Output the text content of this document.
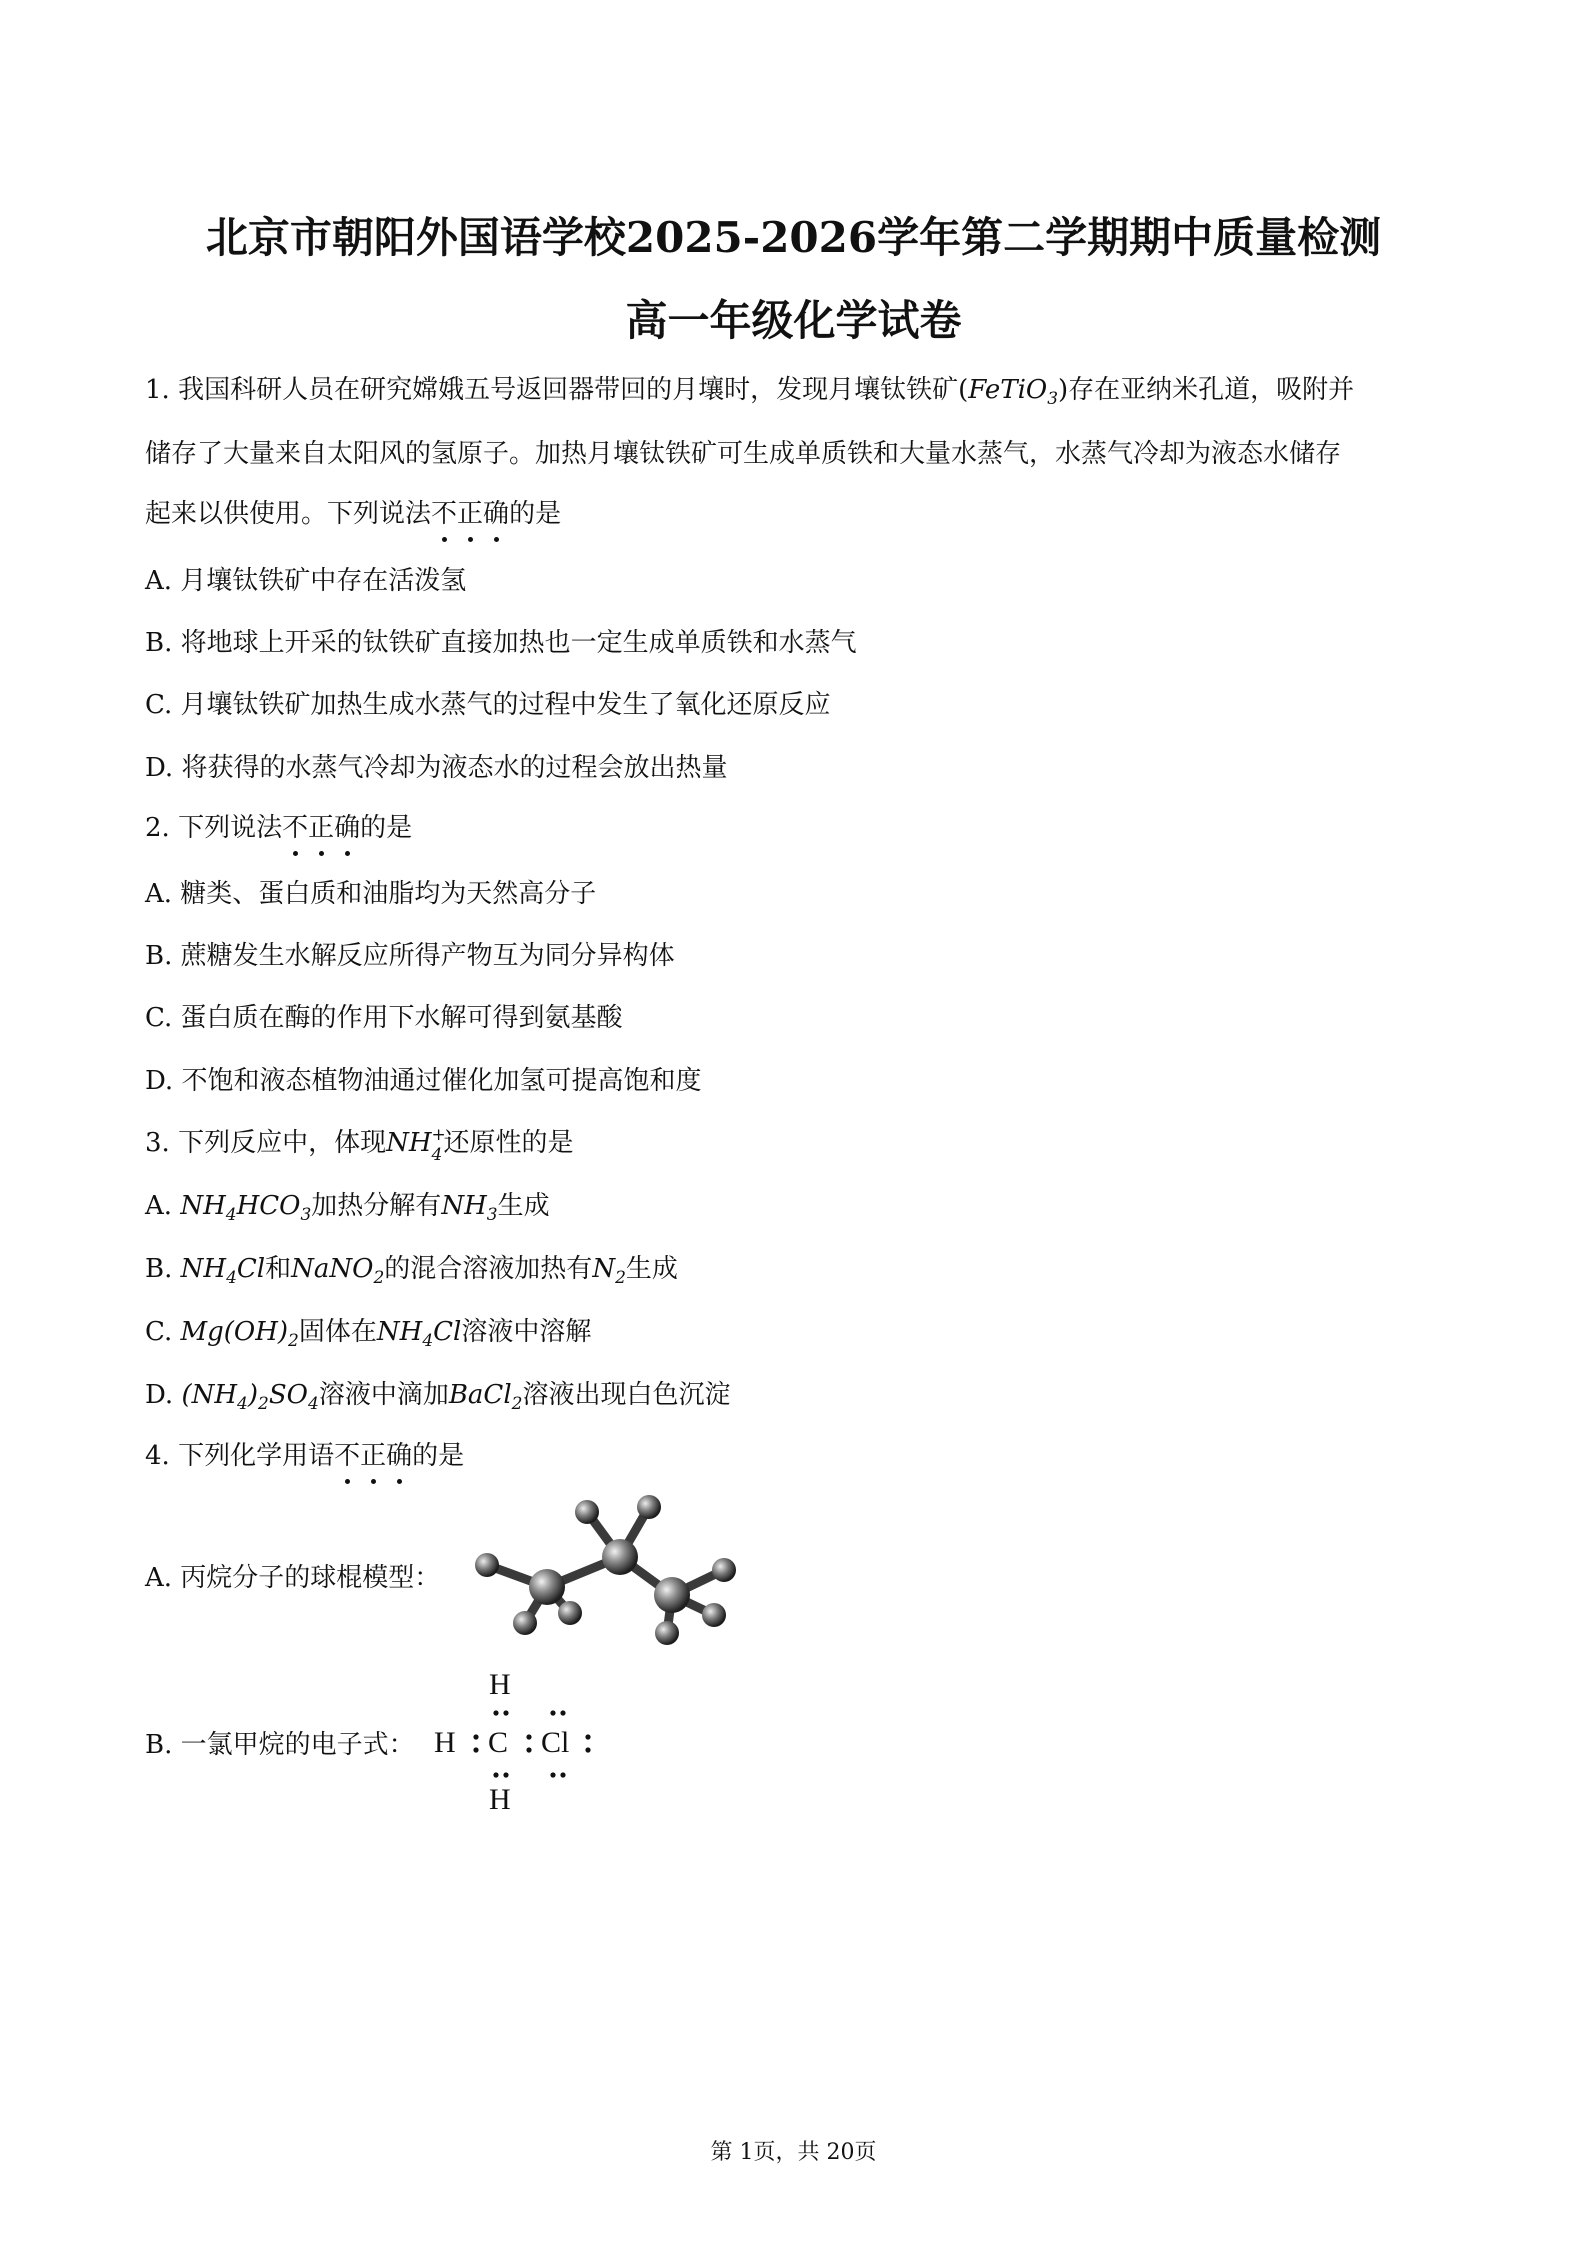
北京市朝阳外国语学校2025-2026学年第二学期期中质量检测
高一年级化学试卷
1. 我国科研人员在研究嫦娥五号返回器带回的月壤时，发现月壤钛铁矿(FeTiO$_3$)存在亚纳米孔道，吸附并
储存了大量来自太阳风的氢原子。加热月壤钛铁矿可生成单质铁和大量水蒸气，水蒸气冷却为液态水储存
起来以供使用。下列说法不正确的是
A. 月壤钛铁矿中存在活泼氢
B. 将地球上开采的钛铁矿直接加热也一定生成单质铁和水蒸气
C. 月壤钛铁矿加热生成水蒸气的过程中发生了氧化还原反应
D. 将获得的水蒸气冷却为液态水的过程会放出热量
2. 下列说法不正确的是
A. 糖类、蛋白质和油脂均为天然高分子
B. 蔗糖发生水解反应所得产物互为同分异构体
C. 蛋白质在酶的作用下水解可得到氨基酸
D. 不饱和液态植物油通过催化加氢可提高饱和度
3. 下列反应中，体现NH +
4 还原性的是
A. $NH_4HCO_3$加热分解有$NH_3$生成
B. $NH_4Cl$和NaNO$_2$的混合溶液加热有$N_2$生成
C. $Mg(OH)_2$固体在$NH_4Cl$溶液中溶解
D. $(NH_4)_2SO_4$溶液中滴加BaCl$_2$溶液出现白色沉淀
4. 下列化学用语不正确的是
A. 丙烷分子的球棍模型：
B. 一氯甲烷的电子式：
H
H C Cl
H
第 1页，共 20页
